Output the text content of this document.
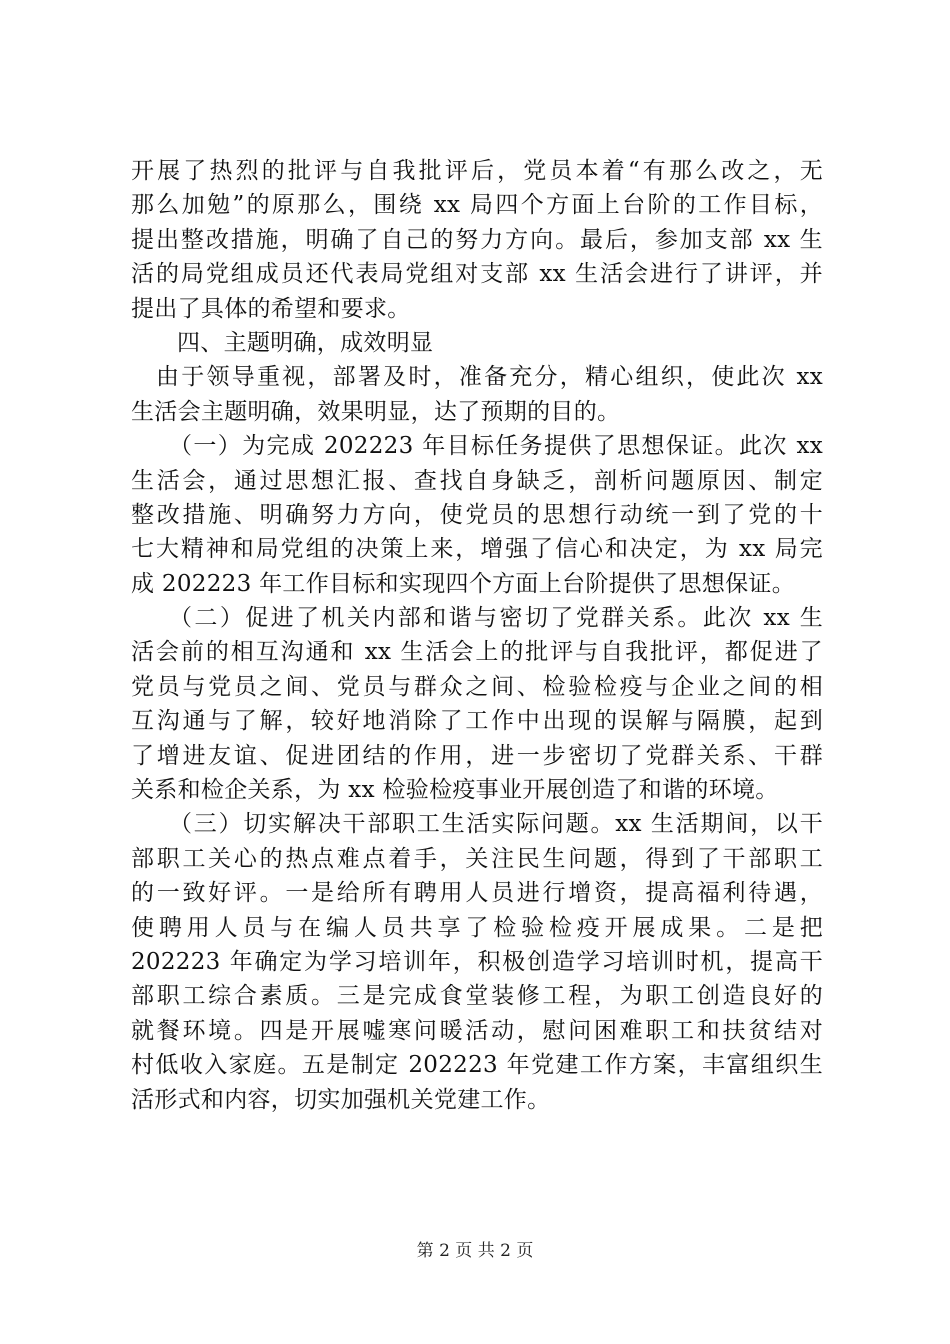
开展了热烈的批评与自我批评后，党员本着“有那么改之，无
那么加勉”的原那么，围绕 xx 局四个方面上台阶的工作目标，
提出整改措施，明确了自己的努力方向。最后，参加支部 xx 生
活的局党组成员还代表局党组对支部 xx 生活会进行了讲评，并
提出了具体的希望和要求。
四、主题明确，成效明显
由于领导重视，部署及时，准备充分，精心组织，使此次 xx
生活会主题明确，效果明显，达了预期的目的。
（一）为完成 202223 年目标任务提供了思想保证。此次 xx
生活会，通过思想汇报、查找自身缺乏，剖析问题原因、制定
整改措施、明确努力方向，使党员的思想行动统一到了党的十
七大精神和局党组的决策上来，增强了信心和决定，为 xx 局完
成 202223 年工作目标和实现四个方面上台阶提供了思想保证。
（二）促进了机关内部和谐与密切了党群关系。此次 xx 生
活会前的相互沟通和 xx 生活会上的批评与自我批评，都促进了
党员与党员之间、党员与群众之间、检验检疫与企业之间的相
互沟通与了解，较好地消除了工作中出现的误解与隔膜，起到
了增进友谊、促进团结的作用，进一步密切了党群关系、干群
关系和检企关系，为 xx 检验检疫事业开展创造了和谐的环境。
（三）切实解决干部职工生活实际问题。xx 生活期间，以干
部职工关心的热点难点着手，关注民生问题，得到了干部职工
的一致好评。一是给所有聘用人员进行增资，提高福利待遇，
使聘用人员与在编人员共享了检验检疫开展成果。二是把
202223 年确定为学习培训年，积极创造学习培训时机，提高干
部职工综合素质。三是完成食堂装修工程，为职工创造良好的
就餐环境。四是开展嘘寒问暖活动，慰问困难职工和扶贫结对
村低收入家庭。五是制定 202223 年党建工作方案，丰富组织生
活形式和内容，切实加强机关党建工作。
第 2 页 共 2 页
